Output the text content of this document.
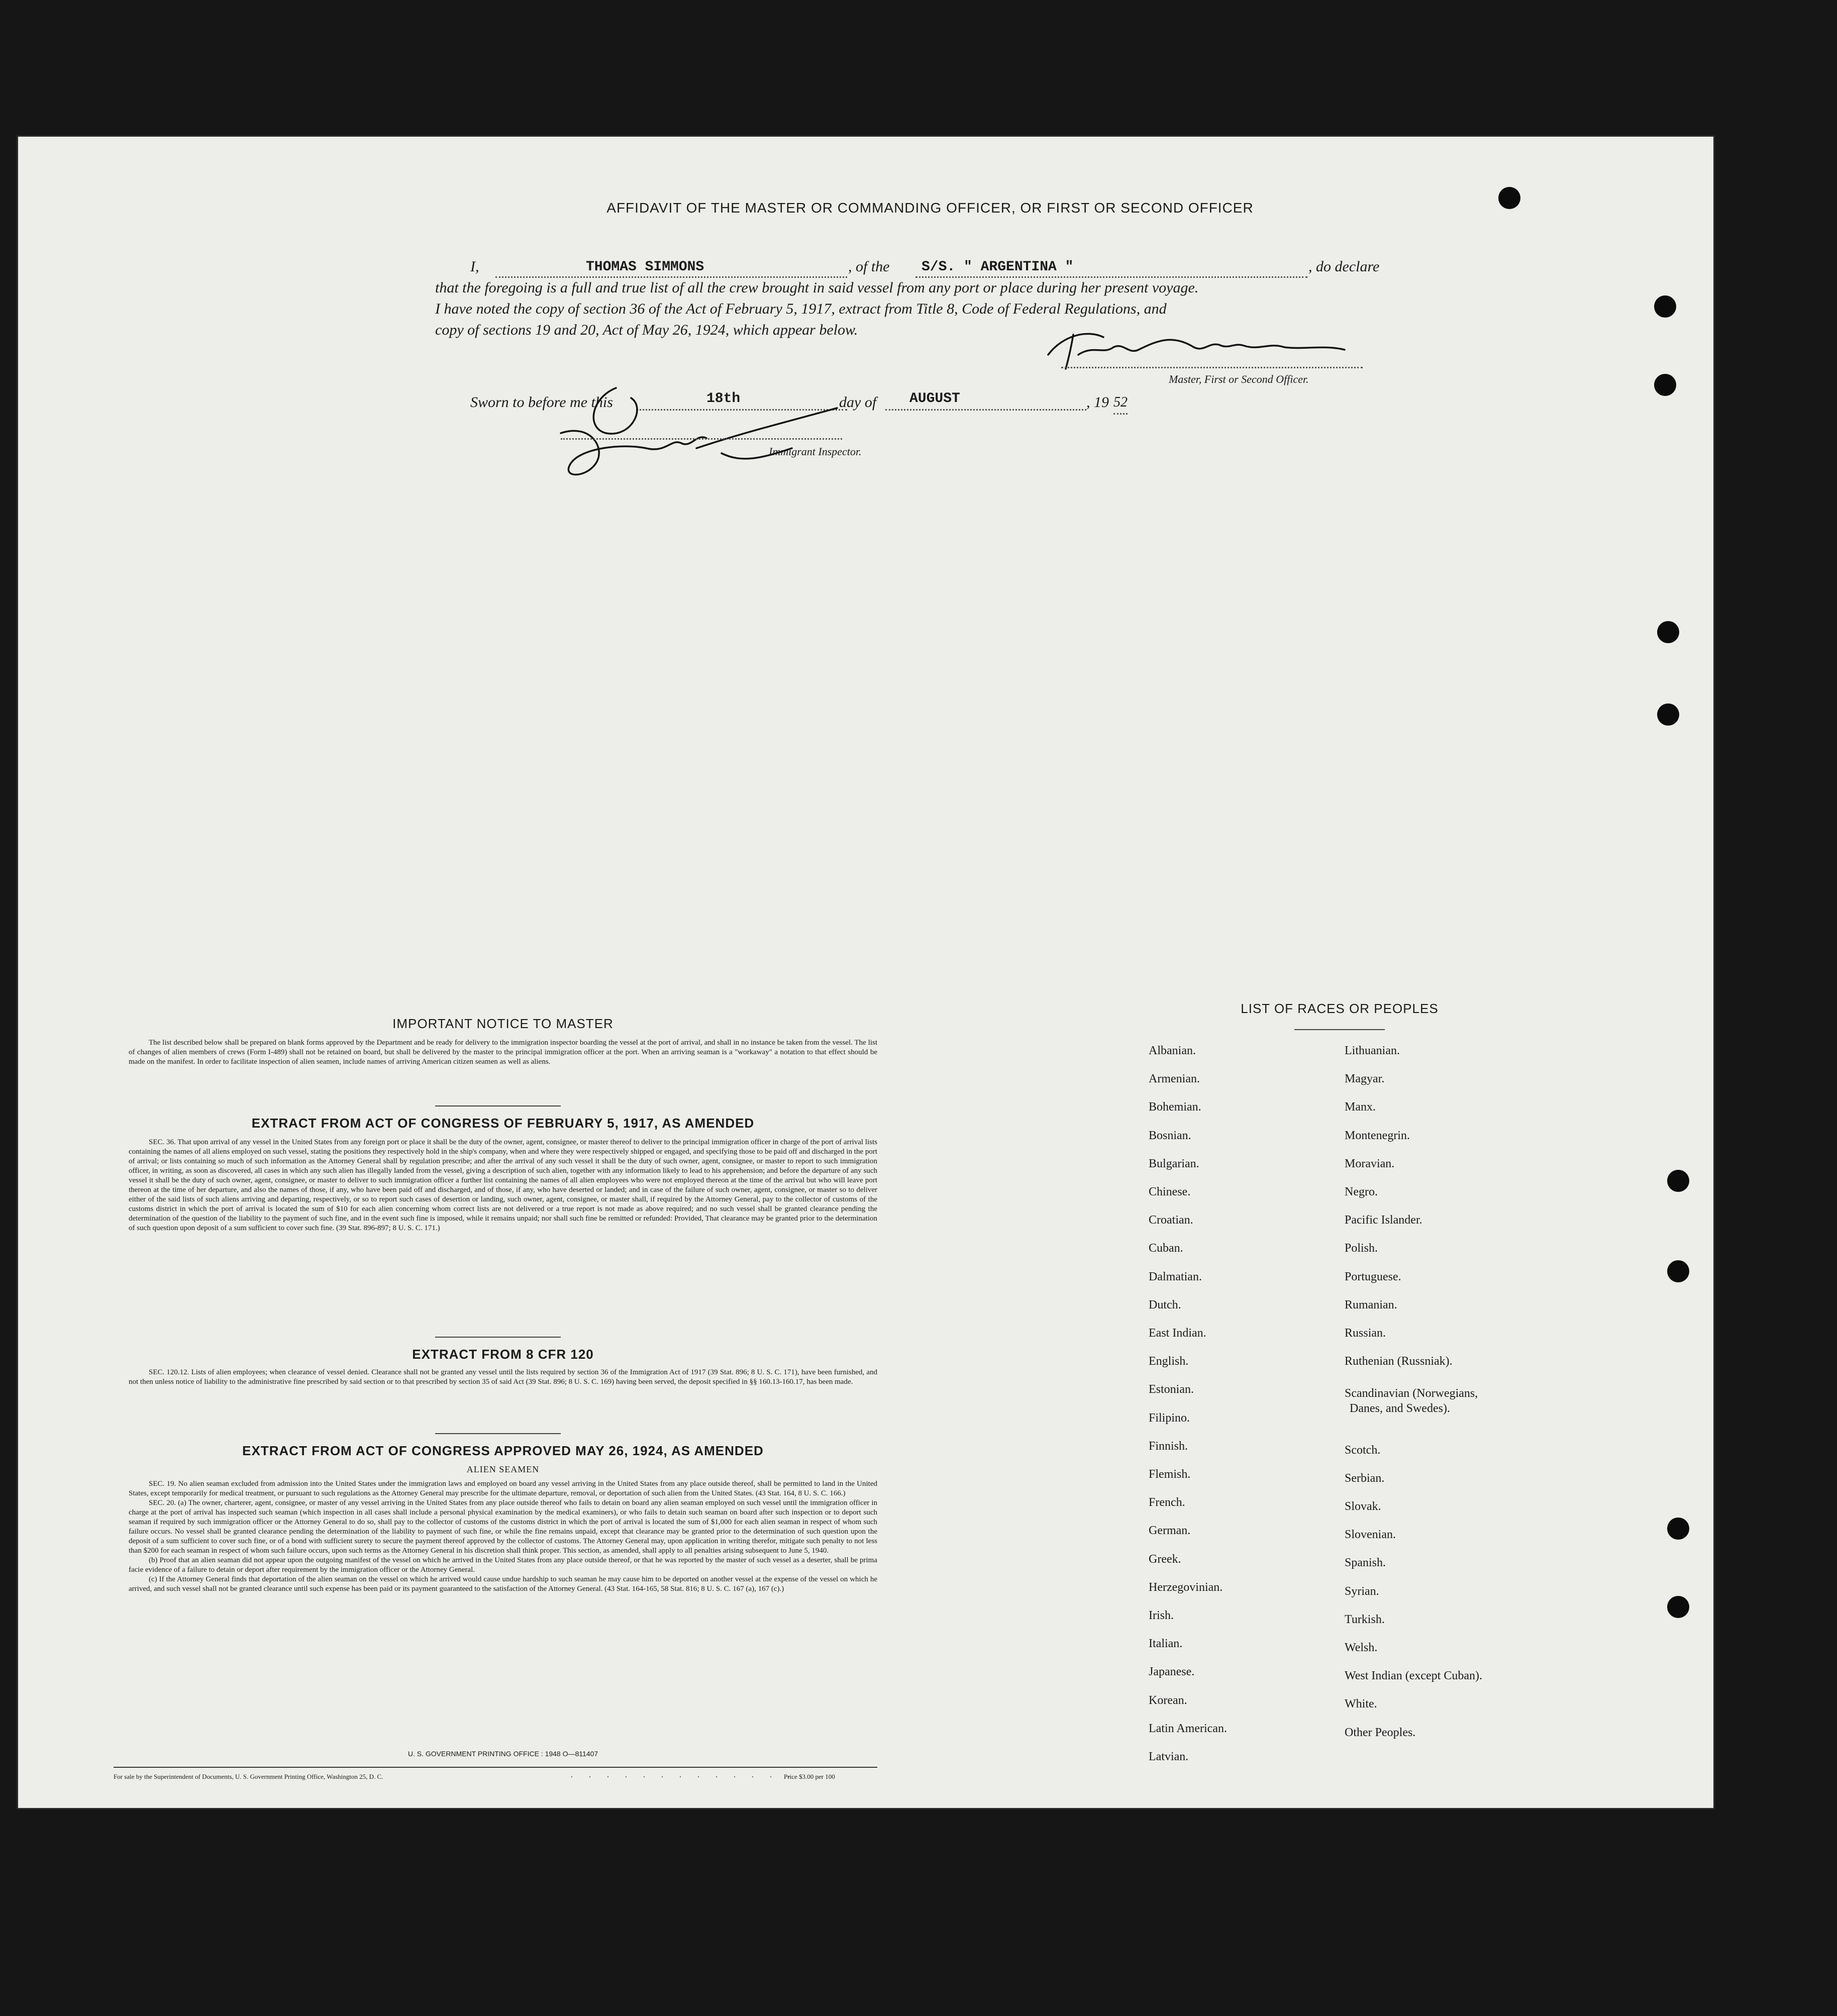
AFFIDAVIT OF THE MASTER OR COMMANDING OFFICER, OR FIRST OR SECOND OFFICER
I,	THOMAS SIMMONS	, of the S/S. " ARGENTINA "	, do declare
that the foregoing is a full and true list of all the crew brought in said vessel from any port or place during her present voyage.
I have noted the copy of section 36 of the Act of February 5, 1917, extract from Title 8, Code of Federal Regulations, and
copy of sections 19 and 20, Act of May 26, 1924, which appear below.
Master, First or Second Officer.
Sworn to before me this	18th	day of AUGUST	, 19 52
Immigrant Inspector.
IMPORTANT NOTICE TO MASTER

The list described below shall be prepared on blank forms approved by the Department and be ready for delivery to the immigration inspector boarding the vessel at the port of arrival, and shall in no instance be taken from the vessel. The list of changes of alien members of crews (Form I-489) shall not be retained on board, but shall be delivered by the master to the principal immigration officer at the port. When an arriving seaman is a "workaway" a notation to that effect should be made on the manifest. In order to facilitate inspection of alien seamen, include names of arriving American citizen seamen as well as aliens.

EXTRACT FROM ACT OF CONGRESS OF FEBRUARY 5, 1917, AS AMENDED

SEC. 36. That upon arrival of any vessel in the United States from any foreign port or place it shall be the duty of the owner, agent, consignee, or master thereof to deliver to the principal immigration officer in charge of the port of arrival lists containing the names of all aliens employed on such vessel, stating the positions they respectively hold in the ship's company, when and where they were respectively shipped or engaged, and specifying those to be paid off and discharged in the port of arrival; or lists containing so much of such information as the Attorney General shall by regulation prescribe; and after the arrival of any such vessel it shall be the duty of such owner, agent, consignee, or master to report to such immigration officer, in writing, as soon as discovered, all cases in which any such alien has illegally landed from the vessel, giving a description of such alien, together with any information likely to lead to his apprehension; and before the departure of any such vessel it shall be the duty of such owner, agent, consignee, or master to deliver to such immigration officer a further list containing the names of all alien employees who were not employed thereon at the time of the arrival but who will leave port thereon at the time of her departure, and also the names of those, if any, who have been paid off and discharged, and of those, if any, who have deserted or landed; and in case of the failure of such owner, agent, consignee, or master so to deliver either of the said lists of such aliens arriving and departing, respectively, or so to report such cases of desertion or landing, such owner, agent, consignee, or master shall, if required by the Attorney General, pay to the collector of customs of the customs district in which the port of arrival is located the sum of $10 for each alien concerning whom correct lists are not delivered or a true report is not made as above required; and no such vessel shall be granted clearance pending the determination of the question of the liability to the payment of such fine, and in the event such fine is imposed, while it remains unpaid; nor shall such fine be remitted or refunded: Provided, That clearance may be granted prior to the determination of such question upon deposit of a sum sufficient to cover such fine. (39 Stat. 896-897; 8 U. S. C. 171.)

EXTRACT FROM 8 CFR 120

SEC. 120.12. Lists of alien employees; when clearance of vessel denied. Clearance shall not be granted any vessel until the lists required by section 36 of the Immigration Act of 1917 (39 Stat. 896; 8 U. S. C. 171), have been furnished, and not then unless notice of liability to the administrative fine prescribed by said section or to that prescribed by section 35 of said Act (39 Stat. 896; 8 U. S. C. 169) having been served, the deposit specified in §§ 160.13-160.17, has been made.

EXTRACT FROM ACT OF CONGRESS APPROVED MAY 26, 1924, AS AMENDED
ALIEN SEAMEN

SEC. 19. No alien seaman excluded from admission into the United States under the immigration laws and employed on board any vessel arriving in the United States from any place outside thereof, shall be permitted to land in the United States, except temporarily for medical treatment, or pursuant to such regulations as the Attorney General may prescribe for the ultimate departure, removal, or deportation of such alien from the United States. (43 Stat. 164, 8 U. S. C. 166.)

SEC. 20. (a) The owner, charterer, agent, consignee, or master of any vessel arriving in the United States from any place outside thereof who fails to detain on board any alien seaman employed on such vessel until the immigration officer in charge at the port of arrival has inspected such seaman (which inspection in all cases shall include a personal physical examination by the medical examiners), or who fails to detain such seaman on board after such inspection or to deport such seaman if required by such immigration officer or the Attorney General to do so, shall pay to the collector of customs of the customs district in which the port of arrival is located the sum of $1,000 for each alien seaman in respect of whom such failure occurs. No vessel shall be granted clearance pending the determination of the liability to payment of such fine, or while the fine remains unpaid, except that clearance may be granted prior to the determination of such question upon the deposit of a sum sufficient to cover such fine, or of a bond with sufficient surety to secure the payment thereof approved by the collector of customs. The Attorney General may, upon application in writing therefor, mitigate such penalty to not less than $200 for each seaman in respect of whom such failure occurs, upon such terms as the Attorney General in his discretion shall think proper. This section, as amended, shall apply to all penalties arising subsequent to June 5, 1940.

(b) Proof that an alien seaman did not appear upon the outgoing manifest of the vessel on which he arrived in the United States from any place outside thereof, or that he was reported by the master of such vessel as a deserter, shall be prima facie evidence of a failure to detain or deport after requirement by the immigration officer or the Attorney General.

(c) If the Attorney General finds that deportation of the alien seaman on the vessel on which he arrived would cause undue hardship to such seaman he may cause him to be deported on another vessel at the expense of the vessel on which he arrived, and such vessel shall not be granted clearance until such expense has been paid or its payment guaranteed to the satisfaction of the Attorney General. (43 Stat. 164-165, 58 Stat. 816; 8 U. S. C. 167 (a), 167 (c).)

U. S. GOVERNMENT PRINTING OFFICE : 1948 O—811407
For sale by the Superintendent of Documents, U. S. Government Printing Office, Washington 25, D. C.	. . . . . . . . . . . . .
Price $3.00 per 100
LIST OF RACES OR PEOPLES
Albanian.
Armenian.
Bohemian.
Bosnian.
Bulgarian.
Chinese.
Croatian.
Cuban.
Dalmatian.
Dutch.
East Indian.
English.
Estonian.
Filipino.
Finnish.
Flemish.
French.
German.
Greek.
Herzegovinian.
Irish.
Italian.
Japanese.
Korean.
Latin American.
Latvian.
Lithuanian.
Magyar.
Manx.
Montenegrin.
Moravian.
Negro.
Pacific Islander.
Polish.
Portuguese.
Rumanian.
Russian.
Ruthenian (Russniak).
Scandinavian (Norwegians,
Danes, and Swedes).
Scotch.
Serbian.
Slovak.
Slovenian.
Spanish.
Syrian.
Turkish.
Welsh.
West Indian (except Cuban).
White.
Other Peoples.
